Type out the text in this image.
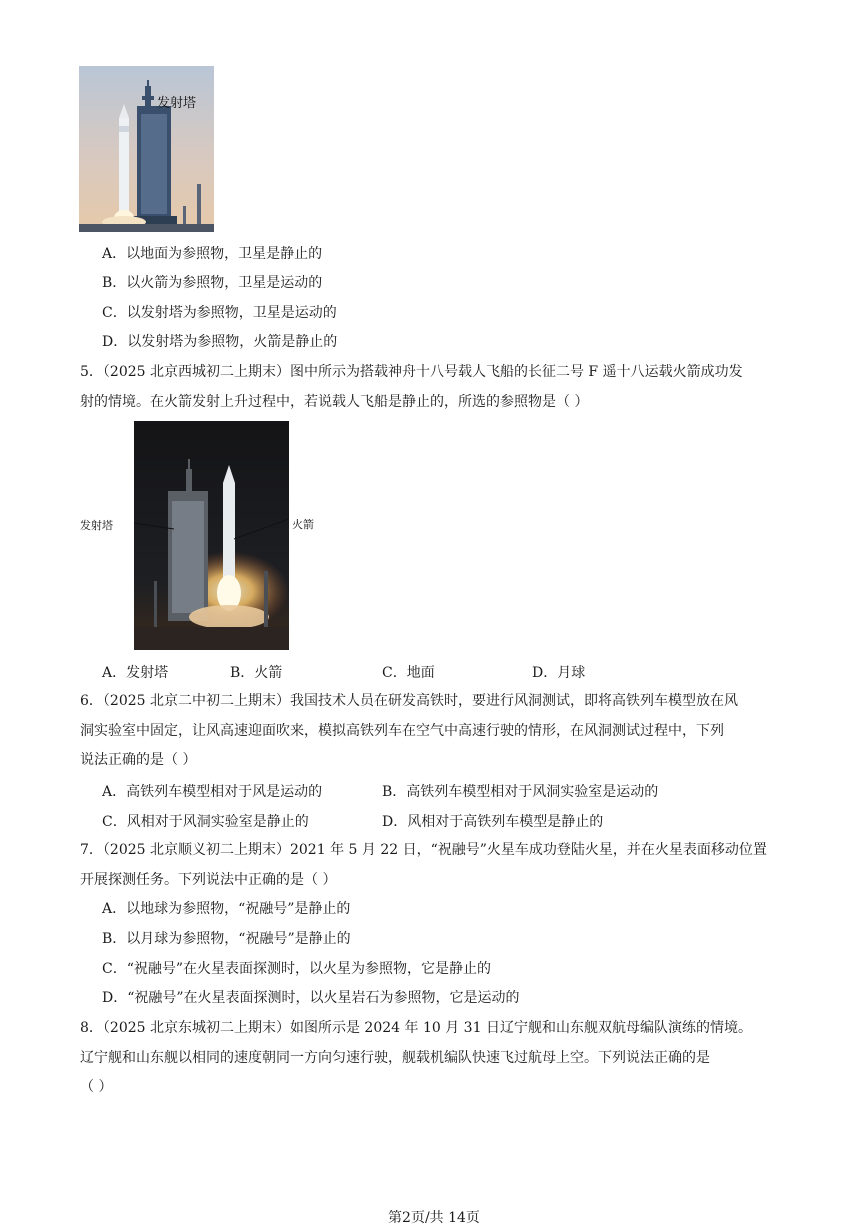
发射塔
A．以地面为参照物，卫星是静止的
B．以火箭为参照物，卫星是运动的
C．以发射塔为参照物，卫星是运动的
D．以发射塔为参照物，火箭是静止的
5．（2025 北京西城初二上期末）图中所示为搭载神舟十八号载人飞船的长征二号 F 遥十八运载火箭成功发
射的情境。在火箭发射上升过程中，若说载人飞船是静止的，所选的参照物是（ ）
发射塔	火箭
A．发射塔	B．火箭	C．地面	D．月球
6．（2025 北京二中初二上期末）我国技术人员在研发高铁时，要进行风洞测试，即将高铁列车模型放在风
洞实验室中固定，让风高速迎面吹来，模拟高铁列车在空气中高速行驶的情形，在风洞测试过程中，下列
说法正确的是（ ）
A．高铁列车模型相对于风是运动的	B．高铁列车模型相对于风洞实验室是运动的
C．风相对于风洞实验室是静止的	D．风相对于高铁列车模型是静止的
7．（2025 北京顺义初二上期末）2021 年 5 月 22 日，“祝融号”火星车成功登陆火星，并在火星表面移动位置
开展探测任务。下列说法中正确的是（ ）
A．以地球为参照物，“祝融号”是静止的
B．以月球为参照物，“祝融号”是静止的
C．“祝融号”在火星表面探测时，以火星为参照物，它是静止的
D．“祝融号”在火星表面探测时，以火星岩石为参照物，它是运动的
8．（2025 北京东城初二上期末）如图所示是 2024 年 10 月 31 日辽宁舰和山东舰双航母编队演练的情境。
辽宁舰和山东舰以相同的速度朝同一方向匀速行驶，舰载机编队快速飞过航母上空。下列说法正确的是
（ ）
第2页/共 14页
